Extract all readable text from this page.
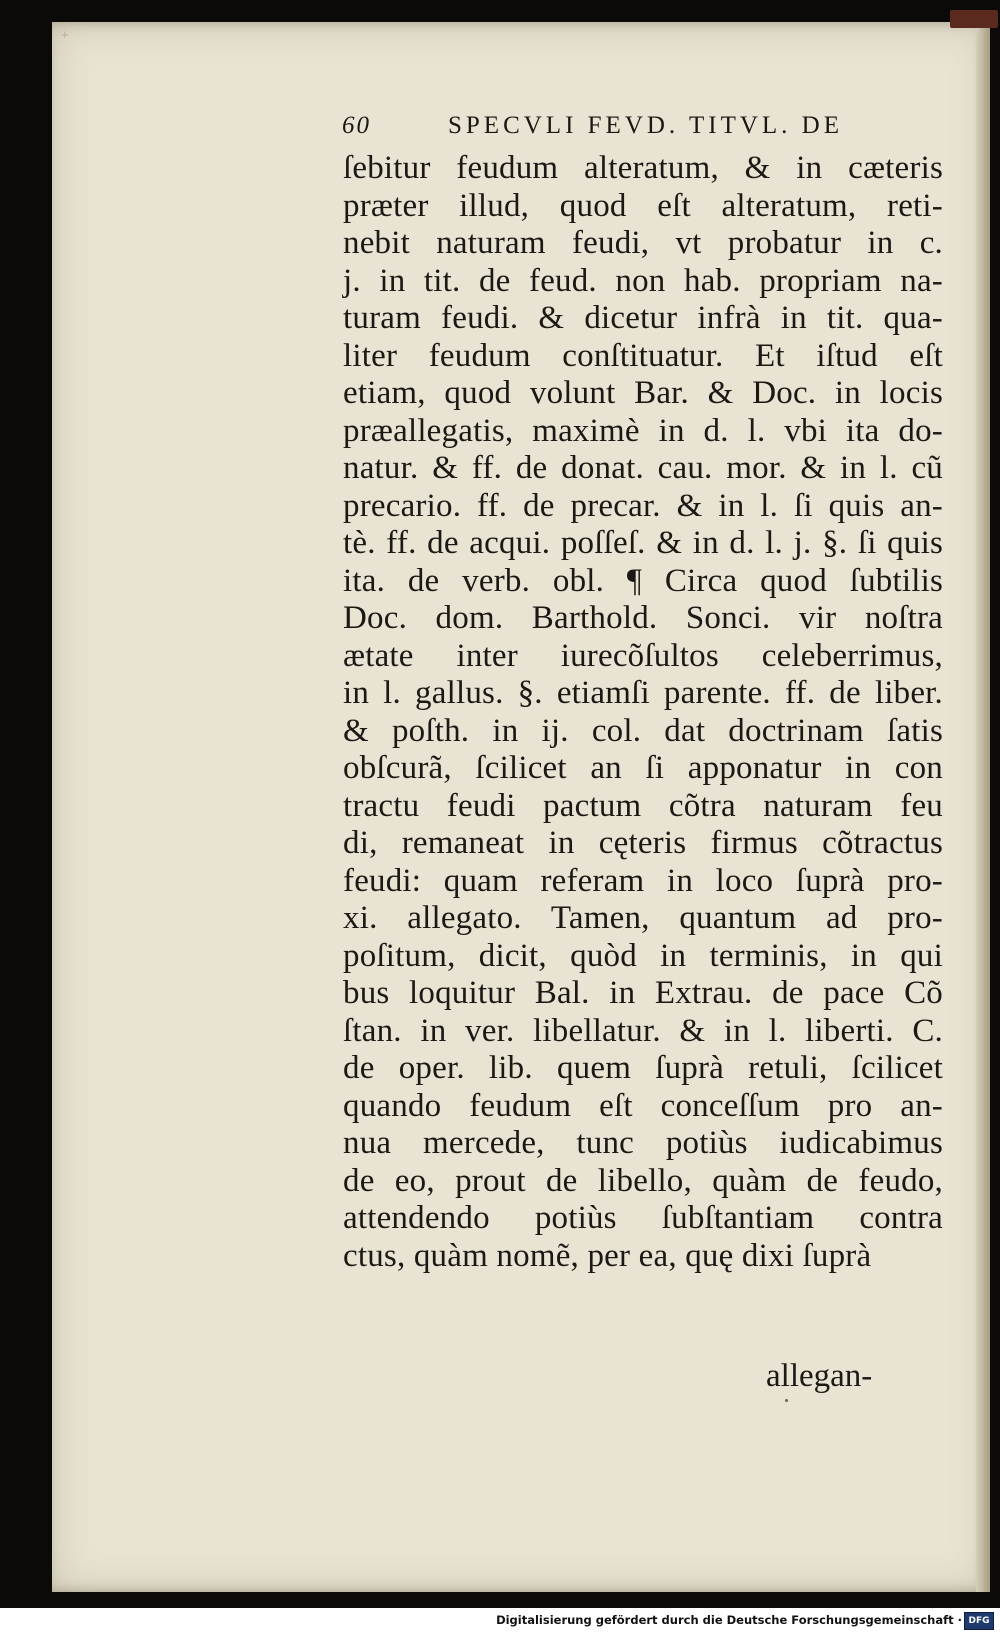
⁺
60	SPECVLI FEVD. TITVL. DE
ſebitur feudum alteratum, & in cæteris
præter illud, quod eſt alteratum, reti-
nebit naturam feudi, vt probatur in c.
j. in tit. de feud. non hab. propriam na-
turam feudi. & dicetur infrà in tit. qua-
liter feudum conſtituatur. Et iſtud eſt
etiam, quod volunt Bar. & Doc. in locis
præallegatis, maximè in d. l. vbi ita do-
natur. & ff. de donat. cau. mor. & in l. cũ
precario. ff. de precar. & in l. ſi quis an-
tè. ff. de acqui. poſſeſ. & in d. l. j. §. ſi quis
ita. de verb. obl. ¶ Circa quod ſubtilis
Doc. dom. Barthold. Sonci. vir noſtra
ætate inter iurecõſultos celeberrimus,
in l. gallus. §. etiamſi parente. ff. de liber.
& poſth. in ij. col. dat doctrinam ſatis
obſcurã, ſcilicet an ſi apponatur in con
tractu feudi pactum cõtra naturam feu
di, remaneat in cęteris firmus cõtractus
feudi: quam referam in loco ſuprà pro-
xi. allegato. Tamen, quantum ad pro-
poſitum, dicit, quòd in terminis, in qui
bus loquitur Bal. in Extrau. de pace Cõ
ſtan. in ver. libellatur. & in l. liberti. C.
de oper. lib. quem ſuprà retuli, ſcilicet
quando feudum eſt conceſſum pro an-
nua mercede, tunc potiùs iudicabimus
de eo, prout de libello, quàm de feudo,
attendendo potiùs ſubſtantiam contra
ctus, quàm nomẽ, per ea, quę dixi ſuprà
allegan-
Digitalisierung gefördert durch die Deutsche Forschungsgemeinschaft · DFG
